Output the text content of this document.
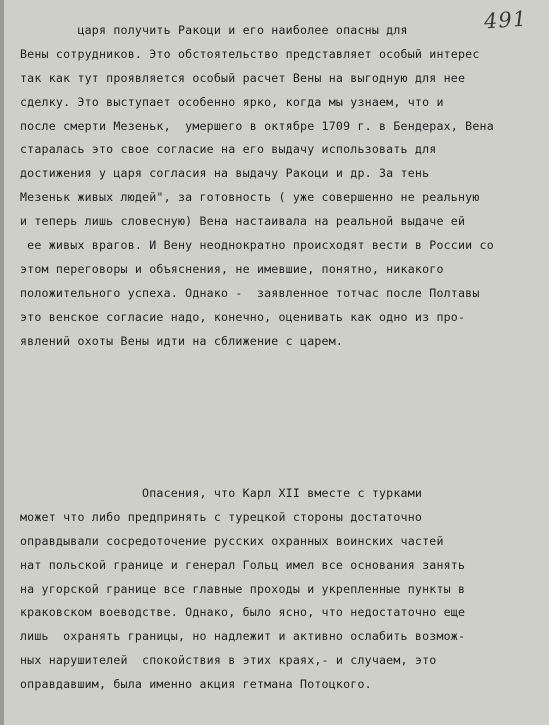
491
царя получить Ракоци и его наиболее опасны для
Вены сотрудников. Это обстоятельство представляет особый интерес
так как тут проявляется особый расчет Вены на выгодную для нее
сделку. Это выступает особенно ярко, когда мы узнаем, что и
после смерти Мезеньк,  умершего в октябре 1709 г. в Бендерах, Вена
старалась это свое согласие на его выдачу использовать для
достижения у царя согласия на выдачу Ракоци и др. За тень
Мезеньк живых людей", за готовность ( уже совершенно не реальную
и теперь лишь словесную) Вена настаивала на реальной выдаче ей
ее живых врагов. И Вену неоднократно происходят вести в России со
этом переговоры и объяснения, не имевшие, понятно, никакого
положительного успеха. Однако -  заявленное тотчас после Полтавы
это венское согласие надо, конечно, оценивать как одно из про-
явлений охоты Вены идти на сближение с царем.
Опасения, что Карл XII вместе с турками
может что либо предпринять с турецкой стороны достаточно
оправдывали сосредоточение русских охранных воинских частей
нат польской границе и генерал Гольц имел все основания занять
на угорской границе все главные проходы и укрепленные пункты в
краковском воеводстве. Однако, было ясно, что недостаточно еще
лишь  охранять границы, но надлежит и активно ослабить возмож-
ных нарушителей  спокойствия в этих краях,- и случаем, это
оправдавшим, была именно акция гетмана Потоцкого.
